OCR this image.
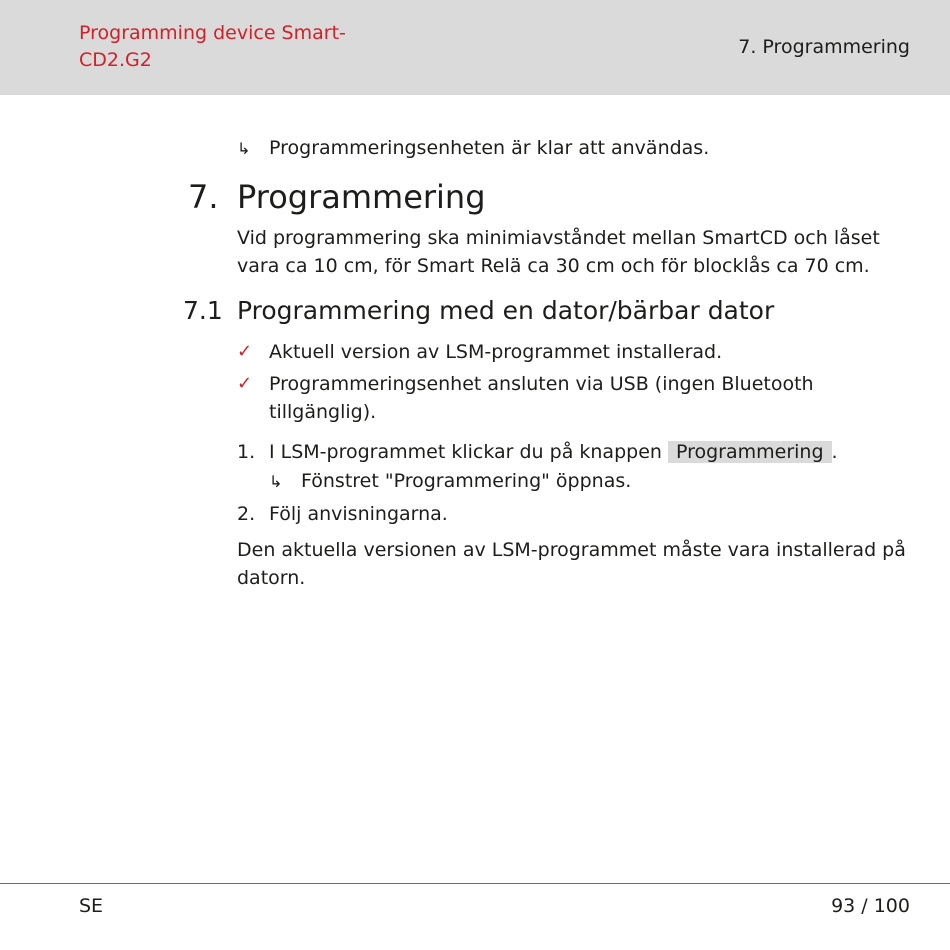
Programming device Smart-CD2.G2
7. Programmering
↳ Programmeringsenheten är klar att användas.
7. Programmering
Vid programmering ska minimiavståndet mellan SmartCD och låset vara ca 10 cm, för Smart Relä ca 30 cm och för blocklås ca 70 cm.
7.1 Programmering med en dator/bärbar dator
✓ Aktuell version av LSM-programmet installerad.
✓ Programmeringsenhet ansluten via USB (ingen Bluetooth tillgänglig).
1. I LSM-programmet klickar du på knappen Programmering .
↳ Fönstret "Programmering" öppnas.
2. Följ anvisningarna.
Den aktuella versionen av LSM-programmet måste vara installerad på datorn.
SE	93 / 100
